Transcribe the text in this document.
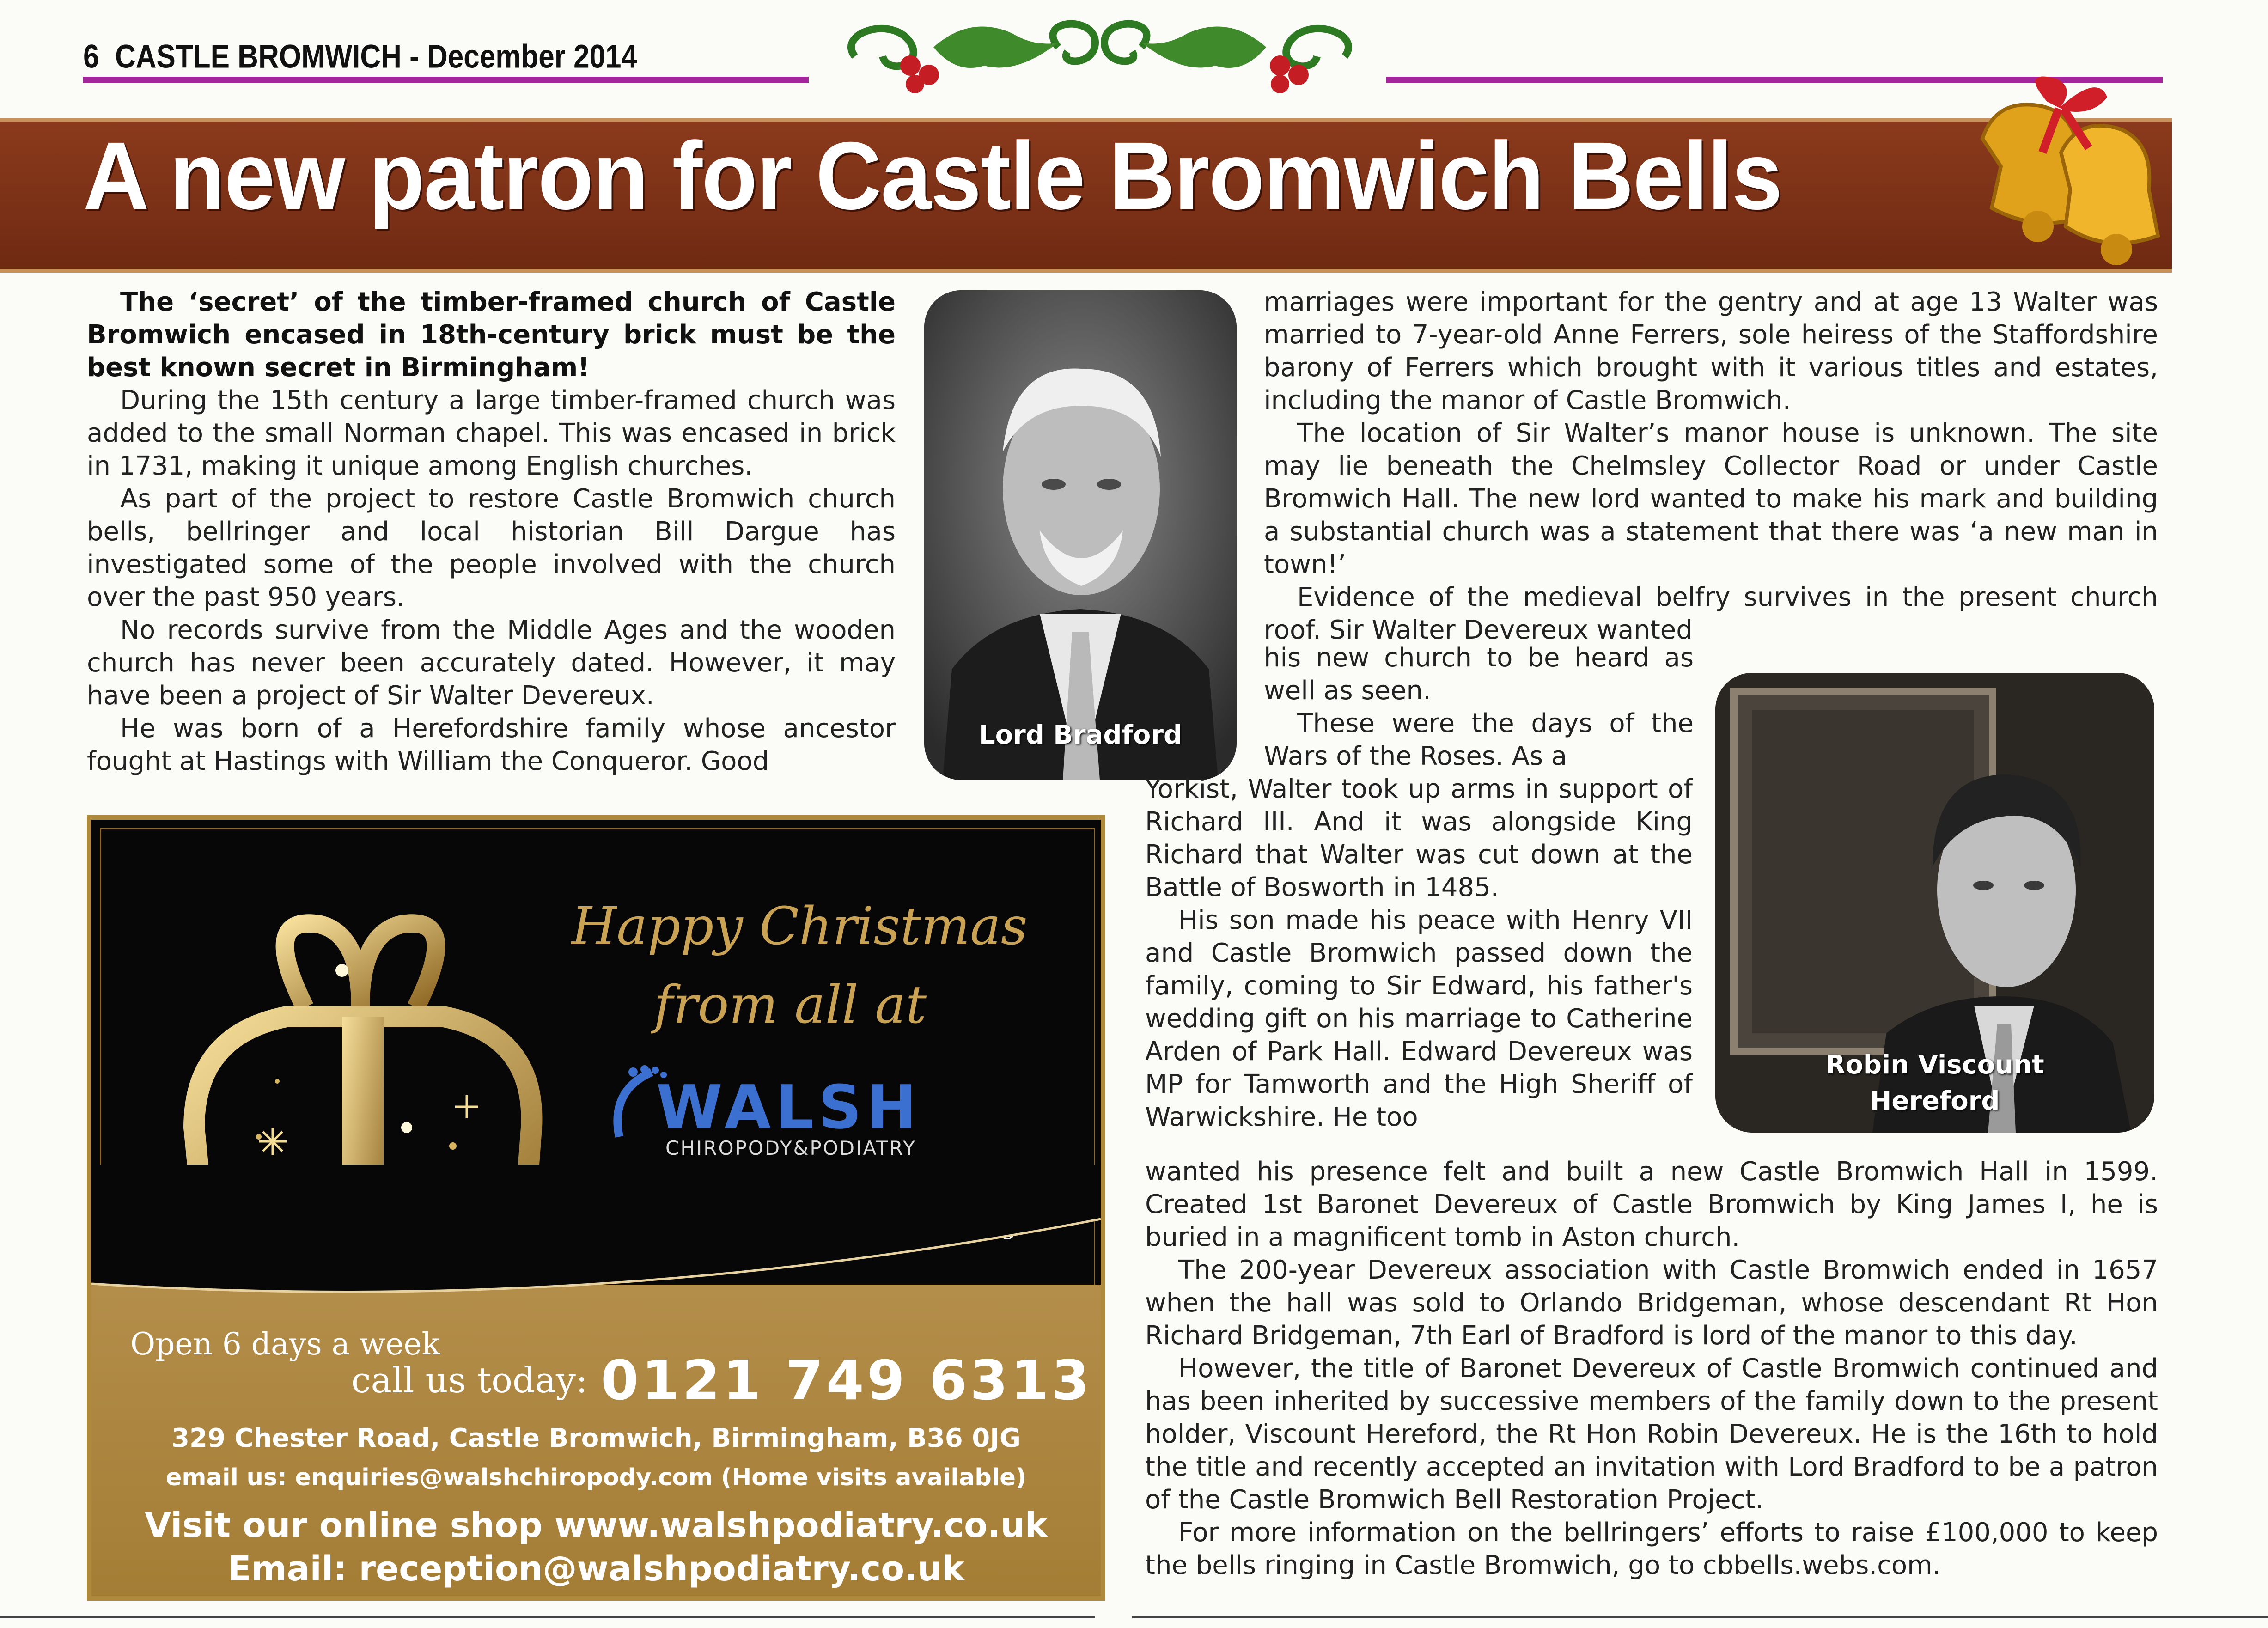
6 CASTLE BROMWICH - December 2014
A new patron for Castle Bromwich Bells

The ‘secret’ of the timber-framed church of Castle Bromwich encased in 18th-century brick must be the best known secret in Birmingham!

During the 15th century a large timber-framed church was added to the small Norman chapel. This was encased in brick in 1731, making it unique among English churches.

As part of the project to restore Castle Bromwich church bells, bellringer and local historian Bill Dargue has investigated some of the people involved with the church over the past 950 years.

No records survive from the Middle Ages and the wooden church has never been accurately dated. However, it may have been a project of Sir Walter Devereux.

He was born of a Herefordshire family whose ancestor fought at Hastings with William the Conqueror. Good

Lord Bradford

marriages were important for the gentry and at age 13 Walter was married to 7-year-old Anne Ferrers, sole heiress of the Staffordshire barony of Ferrers which brought with it various titles and estates, including the manor of Castle Bromwich.

The location of Sir Walter’s manor house is unknown. The site may lie beneath the Chelmsley Collector Road or under Castle Bromwich Hall. The new lord wanted to make his mark and building a substantial church was a statement that there was ‘a new man in town!’

Evidence of the medieval belfry survives in the present church roof. Sir Walter Devereux wanted

his new church to be heard as well as seen.

These were the days of the Wars of the Roses. As a

Yorkist, Walter took up arms in support of Richard III. And it was alongside King Richard that Walter was cut down at the Battle of Bosworth in 1485.

His son made his peace with Henry VII and Castle Bromwich passed down the family, coming to Sir Edward, his father's wedding gift on his marriage to Catherine Arden of Park Hall. Edward Devereux was MP for Tamworth and the High Sheriff of Warwickshire. He too

Robin Viscount
Hereford

wanted his presence felt and built a new Castle Bromwich Hall in 1599. Created 1st Baronet Devereux of Castle Bromwich by King James I, he is buried in a magnificent tomb in Aston church.

The 200-year Devereux association with Castle Bromwich ended in 1657 when the hall was sold to Orlando Bridgeman, whose descendant Rt Hon Richard Bridgeman, 7th Earl of Bradford is lord of the manor to this day.

However, the title of Baronet Devereux of Castle Bromwich continued and has been inherited by successive members of the family down to the present holder, Viscount Hereford, the Rt Hon Robin Devereux. He is the 16th to hold the title and recently accepted an invitation with Lord Bradford to be a patron of the Castle Bromwich Bell Restoration Project.

For more information on the bellringers’ efforts to raise £100,000 to keep the bells ringing in Castle Bromwich, go to cbbells.webs.com.

Happy Christmas
from all at
WALSH
CHIROPODY&PODIATRY
Open 6 days a week
call us today: 0121 749 6313
329 Chester Road, Castle Bromwich, Birmingham, B36 0JG
email us: enquiries@walshchiropody.com (Home visits available)
Visit our online shop www.walshpodiatry.co.uk
Email: reception@walshpodiatry.co.uk
